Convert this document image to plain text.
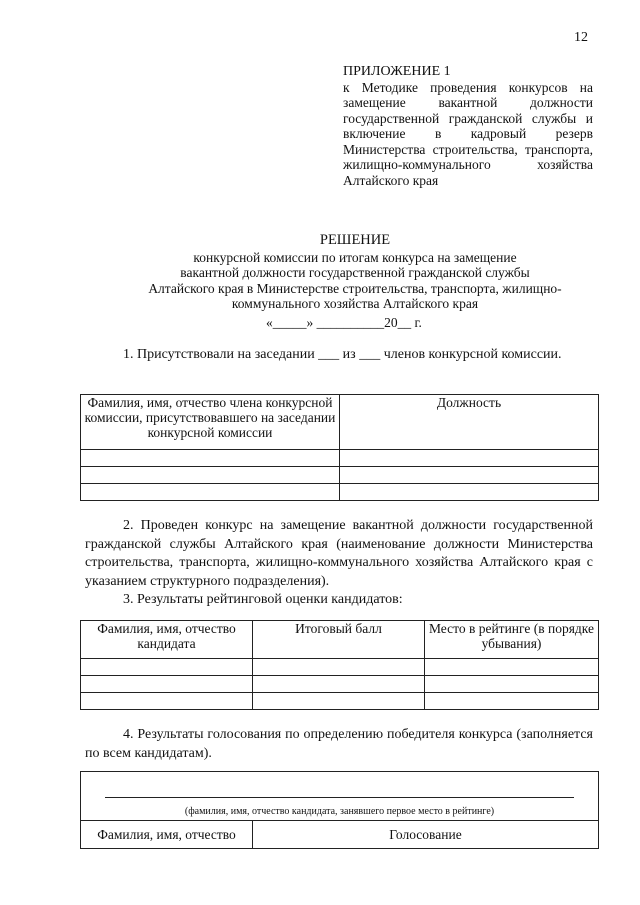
12

ПРИЛОЖЕНИЕ 1

к Методике проведения конкурсов на замещение вакантной должности государственной гражданской службы и включение в кадровый резерв Министерства строительства, транспорта, жилищно-коммунального хозяйства Алтайского края

РЕШЕНИЕ

конкурсной комиссии по итогам конкурса на замещение

вакантной должности государственной гражданской службы

Алтайского края в Министерстве строительства, транспорта, жилищно-

коммунального хозяйства Алтайского края

«_____» __________20__ г.
1. Присутствовали на заседании ___ из ___ членов конкурсной комиссии.
Фамилия, имя, отчество члена конкурсной комиссии, присутствовавшего на заседании конкурсной комиссии	Должность

2. Проведен конкурс на замещение вакантной должности государственной гражданской службы Алтайского края (наименование должности Министерства строительства, транспорта, жилищно-коммунального хозяйства Алтайского края с указанием структурного подразделения).
3. Результаты рейтинговой оценки кандидатов:
Фамилия, имя, отчество кандидата	Итоговый балл	Место в рейтинге (в порядке убывания)

4. Результаты голосования по определению победителя конкурса (заполняется по всем кандидатам).
(фамилия, имя, отчество кандидата, занявшего первое место в рейтинге)
Фамилия, имя, отчество	Голосование
